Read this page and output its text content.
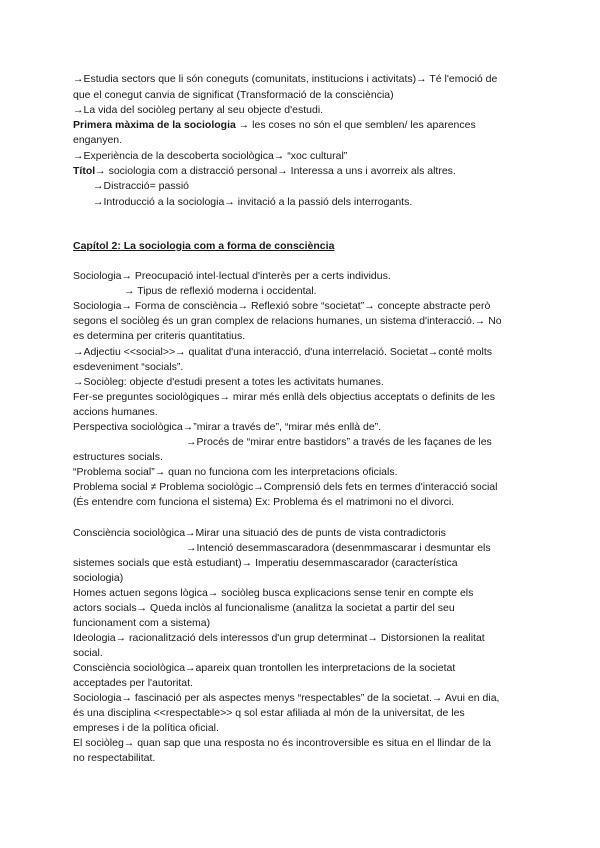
→Estudia sectors que li són coneguts (comunitats, institucions i activitats)→ Té l'emoció de
que el conegut canvia de significat (Transformació de la consciència)
→La vida del sociòleg pertany al seu objecte d'estudi.
Primera màxima de la sociologia → les coses no són el que semblen/ les aparences
enganyen.
→Experiència de la descoberta sociològica→ “xoc cultural”
Títol→ sociologia com a distracció personal→ Interessa a uns i avorreix als altres.
→Distracció= passió
→Introducció a la sociologia→ invitació a la passió dels interrogants.
Capítol 2: La sociologia com a forma de consciència
Sociologia→ Preocupació intel·lectual d'interès per a certs individus.
→ Tipus de reflexió moderna i occidental.
Sociologia→ Forma de consciència→ Reflexió sobre “societat”→ concepte abstracte però
segons el sociòleg és un gran complex de relacions humanes, un sistema d'interacció.→ No
es determina per criteris quantitatius.
→Adjectiu <<social>>→ qualitat d'una interacció, d'una interrelació. Societat→conté molts
esdeveniment “socials”.
→Sociòleg: objecte d'estudi present a totes les activitats humanes.
Fer-se preguntes sociològiques→ mirar més enllà dels objectius acceptats o definits de les
accions humanes.
Perspectiva sociològica→”mirar a través de”, “mirar més enllà de”.
→Procés de “mirar entre bastidors” a través de les façanes de les
estructures socials.
“Problema social”→ quan no funciona com les interpretacions oficials.
Problema social ≠ Problema sociològic→Comprensió dels fets en termes d'interacció social
(És entendre com funciona el sistema) Ex: Problema és el matrimoni no el divorci.
Consciència sociològica→Mirar una situació des de punts de vista contradictoris
→Intenció desemmascaradora (desenmmascarar i desmuntar els
sistemes socials que està estudiant)→ Imperatiu desemmascarador (característica
sociologia)
Homes actuen segons lògica→ sociòleg busca explicacions sense tenir en compte els
actors socials→ Queda inclòs al funcionalisme (analitza la societat a partir del seu
funcionament com a sistema)
Ideologia→ racionalització dels interessos d'un grup determinat→ Distorsionen la realitat
social.
Consciència sociològica→apareix quan trontollen les interpretacions de la societat
acceptades per l'autoritat.
Sociologia→ fascinació per als aspectes menys “respectables” de la societat.→ Avui en dia,
és una disciplina <<respectable>> q sol estar afiliada al món de la universitat, de les
empreses i de la política oficial.
El sociòleg→ quan sap que una resposta no és incontroversible es situa en el llindar de la
no respectabilitat.
